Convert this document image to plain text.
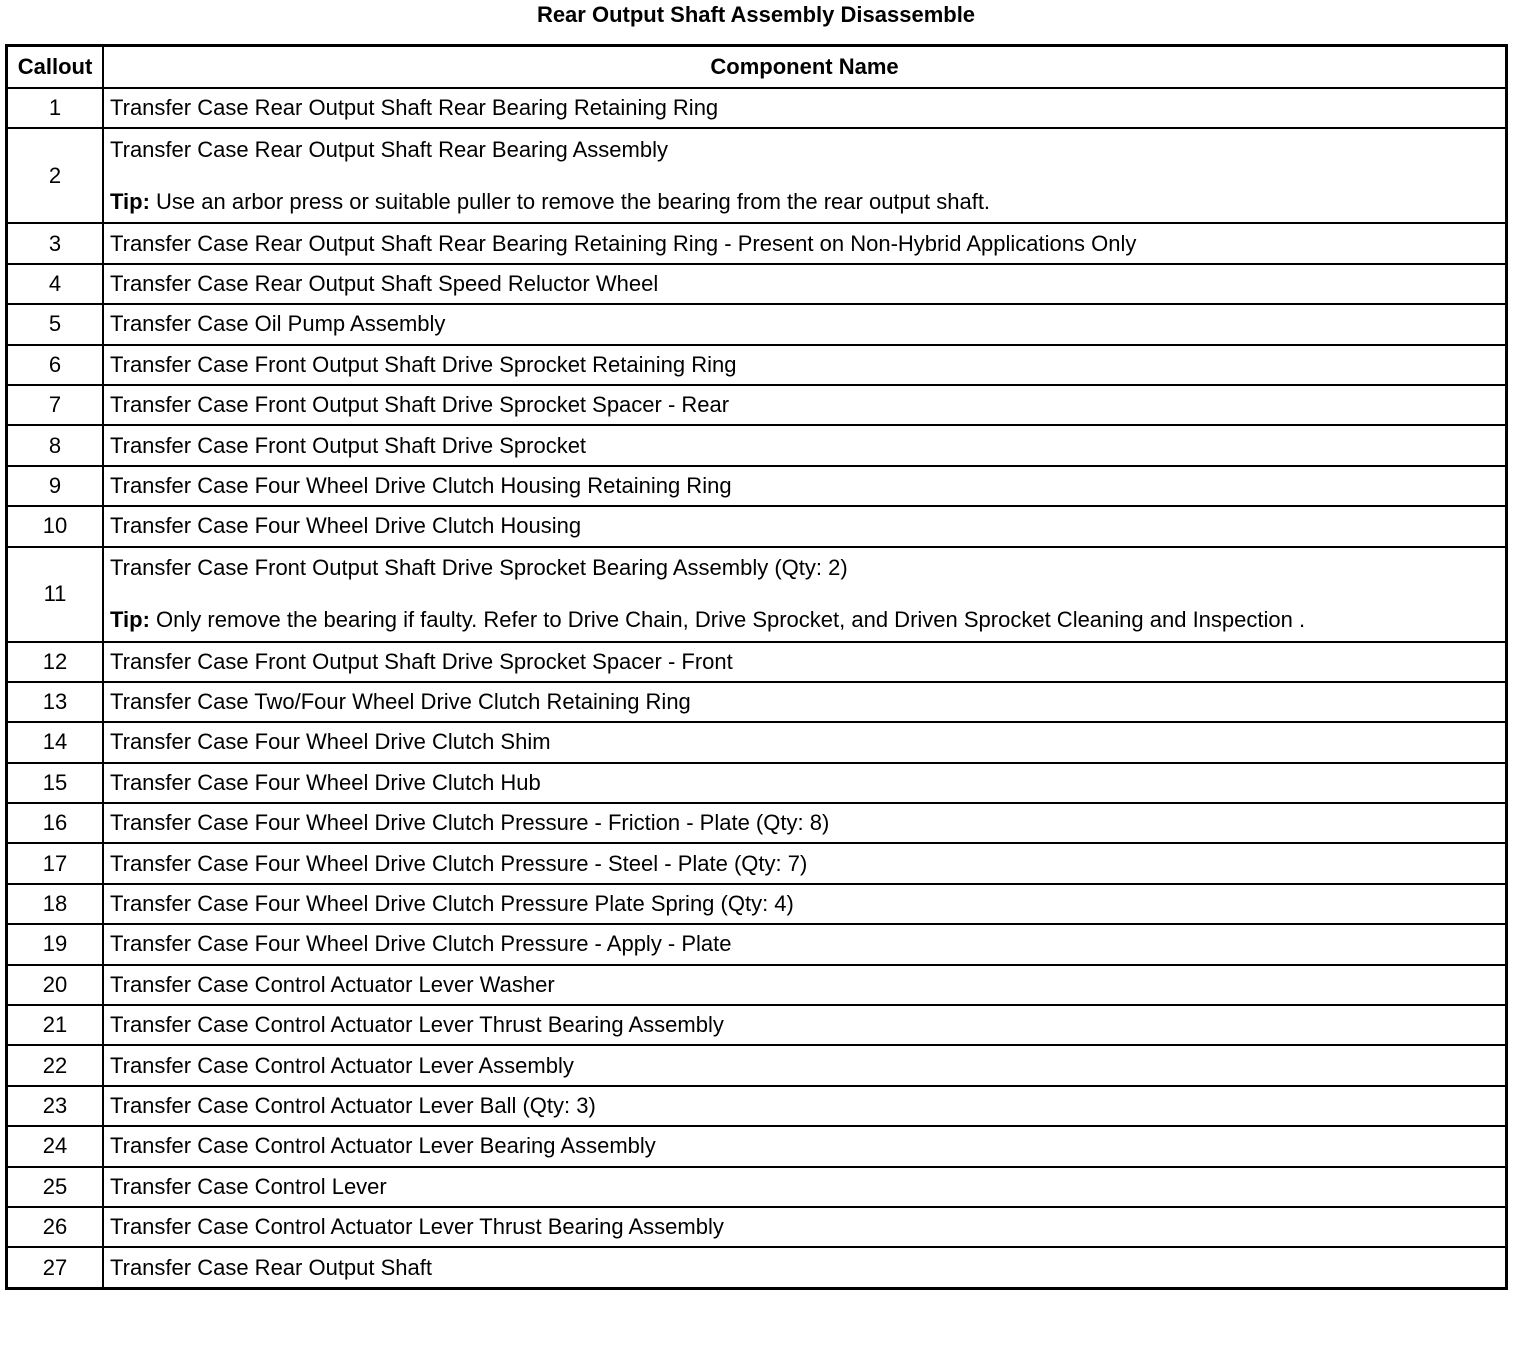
Rear Output Shaft Assembly Disassemble
Callout	Component Name
1	Transfer Case Rear Output Shaft Rear Bearing Retaining Ring
2	Transfer Case Rear Output Shaft Rear Bearing Assembly
Tip: Use an arbor press or suitable puller to remove the bearing from the rear output shaft.

3	Transfer Case Rear Output Shaft Rear Bearing Retaining Ring - Present on Non-Hybrid Applications Only
4	Transfer Case Rear Output Shaft Speed Reluctor Wheel
5	Transfer Case Oil Pump Assembly
6	Transfer Case Front Output Shaft Drive Sprocket Retaining Ring
7	Transfer Case Front Output Shaft Drive Sprocket Spacer - Rear
8	Transfer Case Front Output Shaft Drive Sprocket
9	Transfer Case Four Wheel Drive Clutch Housing Retaining Ring
10	Transfer Case Four Wheel Drive Clutch Housing
11	Transfer Case Front Output Shaft Drive Sprocket Bearing Assembly (Qty: 2)
Tip: Only remove the bearing if faulty. Refer to Drive Chain, Drive Sprocket, and Driven Sprocket Cleaning and Inspection .

12	Transfer Case Front Output Shaft Drive Sprocket Spacer - Front
13	Transfer Case Two/Four Wheel Drive Clutch Retaining Ring
14	Transfer Case Four Wheel Drive Clutch Shim
15	Transfer Case Four Wheel Drive Clutch Hub
16	Transfer Case Four Wheel Drive Clutch Pressure - Friction - Plate (Qty: 8)
17	Transfer Case Four Wheel Drive Clutch Pressure - Steel - Plate (Qty: 7)
18	Transfer Case Four Wheel Drive Clutch Pressure Plate Spring (Qty: 4)
19	Transfer Case Four Wheel Drive Clutch Pressure - Apply - Plate
20	Transfer Case Control Actuator Lever Washer
21	Transfer Case Control Actuator Lever Thrust Bearing Assembly
22	Transfer Case Control Actuator Lever Assembly
23	Transfer Case Control Actuator Lever Ball (Qty: 3)
24	Transfer Case Control Actuator Lever Bearing Assembly
25	Transfer Case Control Lever
26	Transfer Case Control Actuator Lever Thrust Bearing Assembly
27	Transfer Case Rear Output Shaft
